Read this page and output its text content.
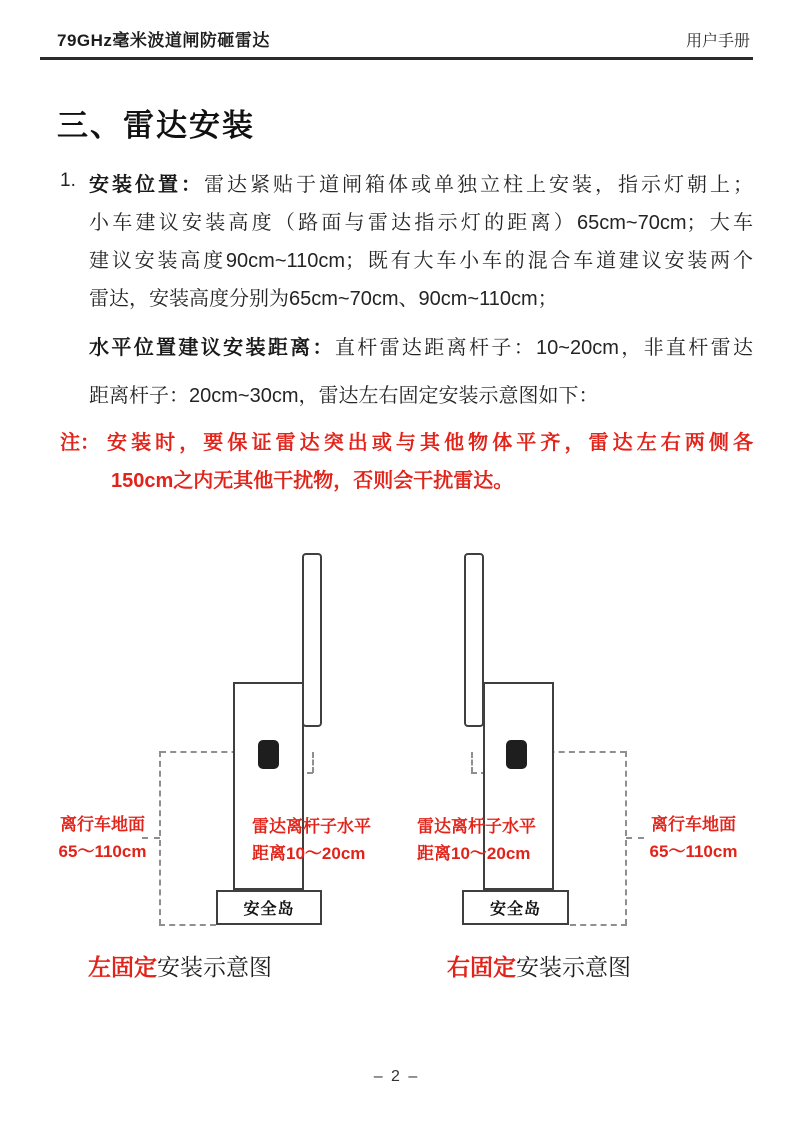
79GHz毫米波道闸防砸雷达	用户手册
三、雷达安装
1. 安装位置：雷达紧贴于道闸箱体或单独立柱上安装，指示灯朝上；
小车建议安装高度（路面与雷达指示灯的距离）65cm~70cm；大车
建议安装高度90cm~110cm；既有大车小车的混合车道建议安装两个
雷达，安装高度分别为65cm~70cm、90cm~110cm；
水平位置建议安装距离：直杆雷达距离杆子：10~20cm，非直杆雷达
距离杆子：20cm~30cm，雷达左右固定安装示意图如下：
注： 安装时，要保证雷达突出或与其他物体平齐，雷达左右两侧各
150cm之内无其他干扰物，否则会干扰雷达。
安全岛
离行车地面
65～110cm
雷达离杆子水平
距离10～20cm
左固定安装示意图
安全岛
雷达离杆子水平
距离10～20cm
离行车地面
65～110cm
右固定安装示意图
– 2 –
